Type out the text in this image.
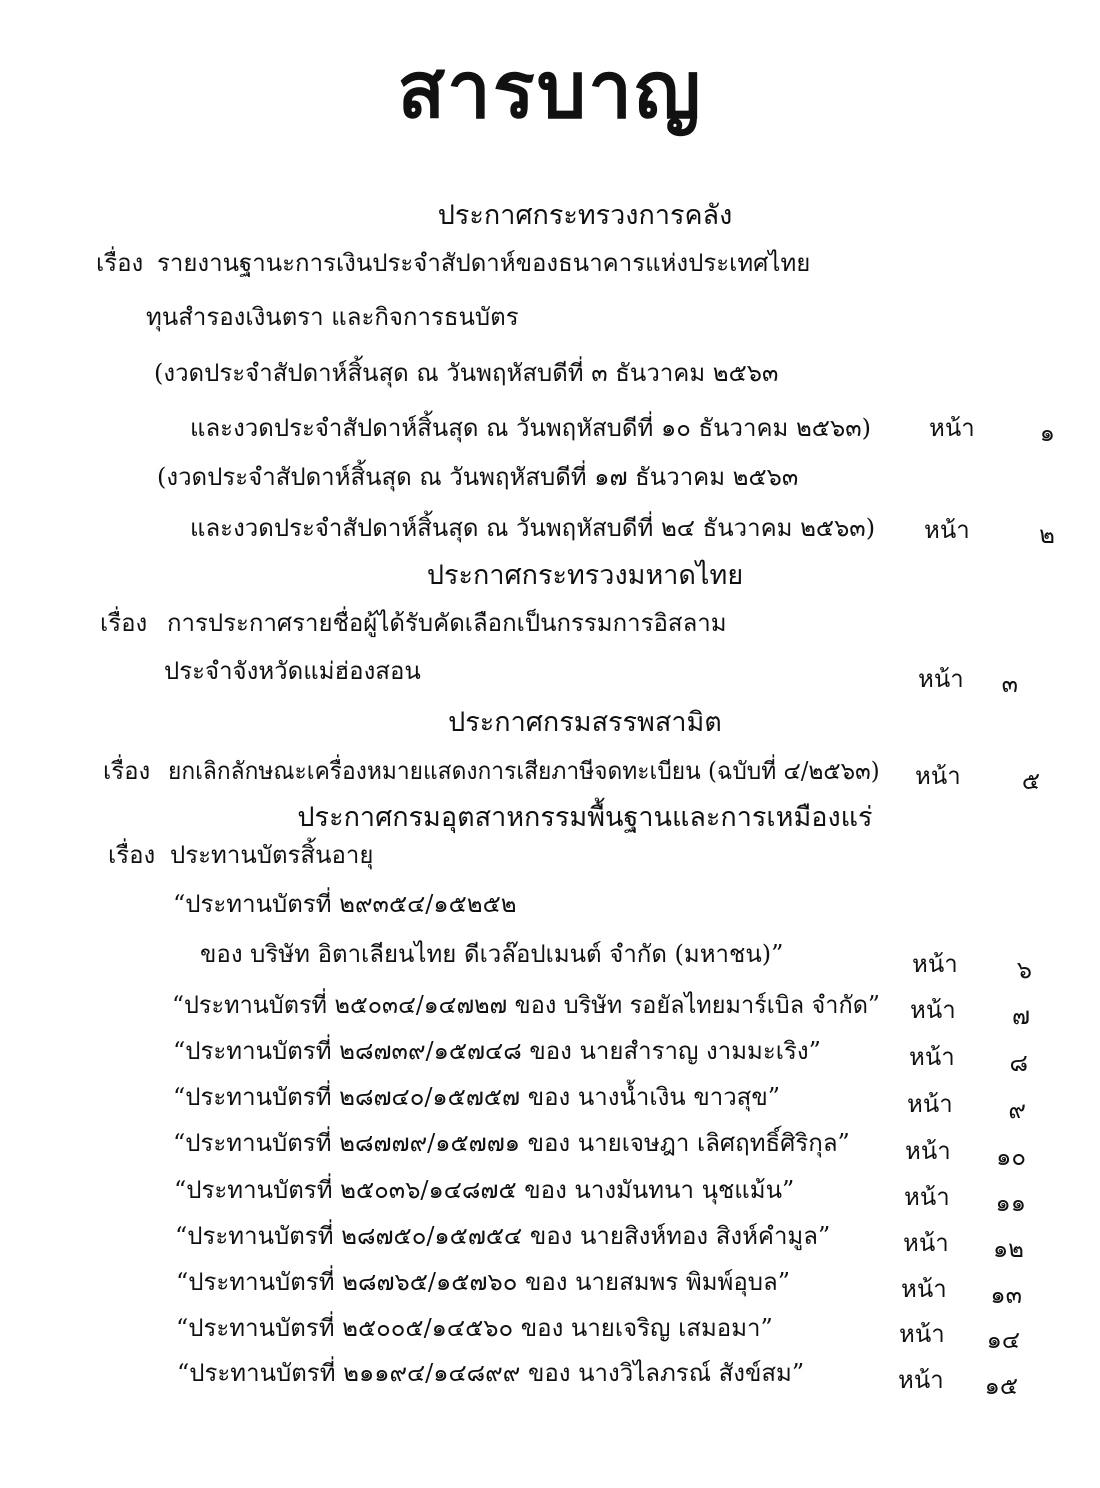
สารบาญ
ประกาศกระทรวงการคลัง
เรื่อง รายงานฐานะการเงินประจำสัปดาห์ของธนาคารแห่งประเทศไทย
ทุนสำรองเงินตรา และกิจการธนบัตร
(งวดประจำสัปดาห์สิ้นสุด ณ วันพฤหัสบดีที่ ๓ ธันวาคม ๒๕๖๓
และงวดประจำสัปดาห์สิ้นสุด ณ วันพฤหัสบดีที่ ๑๐ ธันวาคม ๒๕๖๓) หน้า	๑
(งวดประจำสัปดาห์สิ้นสุด ณ วันพฤหัสบดีที่ ๑๗ ธันวาคม ๒๕๖๓
และงวดประจำสัปดาห์สิ้นสุด ณ วันพฤหัสบดีที่ ๒๔ ธันวาคม ๒๕๖๓) หน้า	๒
ประกาศกระทรวงมหาดไทย
เรื่อง การประกาศรายชื่อผู้ได้รับคัดเลือกเป็นกรรมการอิสลาม
ประจำจังหวัดแม่ฮ่องสอน	หน้า	๓
ประกาศกรมสรรพสามิต
เรื่อง ยกเลิกลักษณะเครื่องหมายแสดงการเสียภาษีจดทะเบียน (ฉบับที่ ๔/๒๕๖๓) หน้า	๕
ประกาศกรมอุตสาหกรรมพื้นฐานและการเหมืองแร่
เรื่อง ประทานบัตรสิ้นอายุ
“ประทานบัตรที่ ๒๙๓๕๔/๑๕๒๕๒
ของ บริษัท อิตาเลียนไทย ดีเวล๊อปเมนต์ จำกัด (มหาชน)”	หน้า	๖
“ประทานบัตรที่ ๒๕๐๓๔/๑๔๗๒๗ ของ บริษัท รอยัลไทยมาร์เบิล จำกัด” หน้า	๗
“ประทานบัตรที่ ๒๘๗๓๙/๑๕๗๔๘ ของ นายสำราญ งามมะเริง”	หน้า	๘
“ประทานบัตรที่ ๒๘๗๔๐/๑๕๗๕๗ ของ นางน้ำเงิน ขาวสุข”	หน้า	๙
“ประทานบัตรที่ ๒๘๗๗๙/๑๕๗๗๑ ของ นายเจษฎา เลิศฤทธิ์ศิริกุล” หน้า	๑๐
“ประทานบัตรที่ ๒๕๐๓๖/๑๔๘๗๕ ของ นางมันทนา นุชแม้น”	หน้า	๑๑
“ประทานบัตรที่ ๒๘๗๕๐/๑๕๗๕๔ ของ นายสิงห์ทอง สิงห์คำมูล”	หน้า	๑๒
“ประทานบัตรที่ ๒๘๗๖๕/๑๕๗๖๐ ของ นายสมพร พิมพ์อุบล”	หน้า	๑๓
“ประทานบัตรที่ ๒๕๐๐๕/๑๔๕๖๐ ของ นายเจริญ เสมอมา”	หน้า	๑๔
“ประทานบัตรที่ ๒๑๑๙๔/๑๔๘๙๙ ของ นางวิไลภรณ์ สังข์สม”	หน้า	๑๕
